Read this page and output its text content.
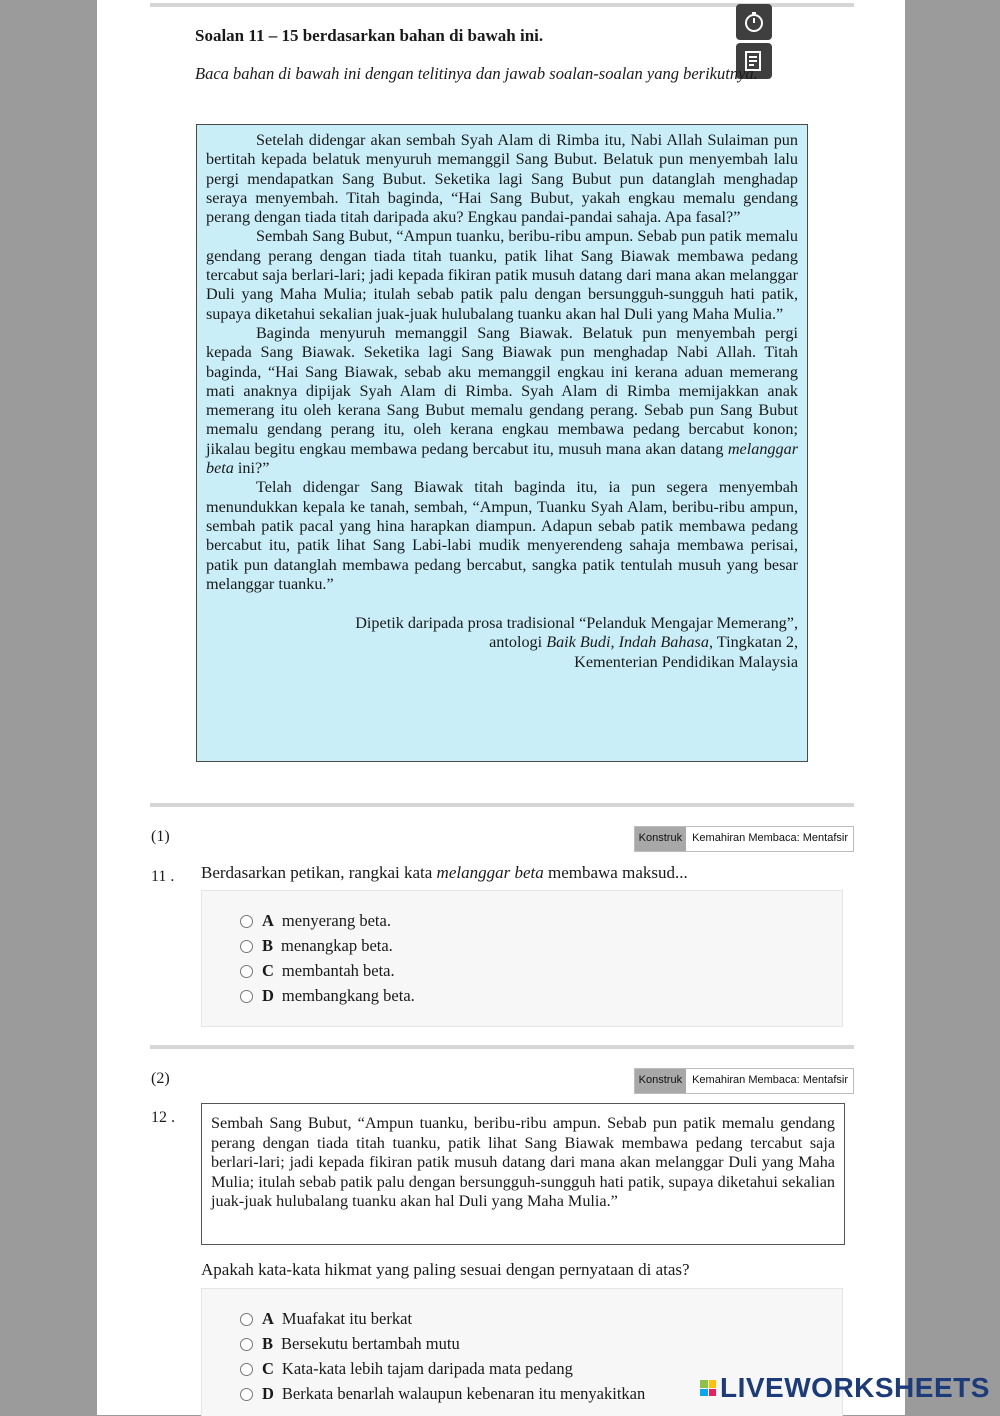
Soalan 11 – 15 berdasarkan bahan di bawah ini.
Baca bahan di bawah ini dengan telitinya dan jawab soalan-soalan yang berikutnya.

Setelah didengar akan sembah Syah Alam di Rimba itu, Nabi Allah Sulaiman pun bertitah kepada belatuk menyuruh memanggil Sang Bubut. Belatuk pun menyembah lalu pergi mendapatkan Sang Bubut. Seketika lagi Sang Bubut pun datanglah menghadap seraya menyembah. Titah baginda, “Hai Sang Bubut, yakah engkau memalu gendang perang dengan tiada titah daripada aku? Engkau pandai-pandai sahaja. Apa fasal?”

Sembah Sang Bubut, “Ampun tuanku, beribu-ribu ampun. Sebab pun patik memalu gendang perang dengan tiada titah tuanku, patik lihat Sang Biawak membawa pedang tercabut saja berlari-lari; jadi kepada fikiran patik musuh datang dari mana akan melanggar Duli yang Maha Mulia; itulah sebab patik palu dengan bersungguh-sungguh hati patik, supaya diketahui sekalian juak-juak hulubalang tuanku akan hal Duli yang Maha Mulia.”

Baginda menyuruh memanggil Sang Biawak. Belatuk pun menyembah pergi kepada Sang Biawak. Seketika lagi Sang Biawak pun menghadap Nabi Allah. Titah baginda, “Hai Sang Biawak, sebab aku memanggil engkau ini kerana aduan memerang mati anaknya dipijak Syah Alam di Rimba. Syah Alam di Rimba memijakkan anak memerang itu oleh kerana Sang Bubut memalu gendang perang. Sebab pun Sang Bubut memalu gendang perang itu, oleh kerana engkau membawa pedang bercabut konon; jikalau begitu engkau membawa pedang bercabut itu, musuh mana akan datang melanggar beta ini?”

Telah didengar Sang Biawak titah baginda itu, ia pun segera menyembah menundukkan kepala ke tanah, sembah, “Ampun, Tuanku Syah Alam, beribu-ribu ampun, sembah patik pacal yang hina harapkan diampun. Adapun sebab patik membawa pedang bercabut itu, patik lihat Sang Labi-labi mudik menyerendeng sahaja membawa perisai, patik pun datanglah membawa pedang bercabut, sangka patik tentulah musuh yang besar melanggar tuanku.”

Dipetik daripada prosa tradisional “Pelanduk Mengajar Memerang”,
antologi Baik Budi, Indah Bahasa, Tingkatan 2,
Kementerian Pendidikan Malaysia
(1)	Konstruk Kemahiran Membaca: Mentafsir
11 . Berdasarkan petikan, rangkai kata melanggar beta membawa maksud...
A menyerang beta.
B menangkap beta.
C membantah beta.
D membangkang beta.
(2)	Konstruk Kemahiran Membaca: Mentafsir
12 .	Sembah Sang Bubut, “Ampun tuanku, beribu-ribu ampun. Sebab pun patik memalu gendang perang dengan tiada titah tuanku, patik lihat Sang Biawak membawa pedang tercabut saja berlari-lari; jadi kepada fikiran patik musuh datang dari mana akan melanggar Duli yang Maha Mulia; itulah sebab patik palu dengan bersungguh-sungguh hati patik, supaya diketahui sekalian juak-juak hulubalang tuanku akan hal Duli yang Maha Mulia.”
Apakah kata-kata hikmat yang paling sesuai dengan pernyataan di atas?
A Muafakat itu berkat
B Bersekutu bertambah mutu
C Kata-kata lebih tajam daripada mata pedang
D Berkata benarlah walaupun kebenaran itu menyakitkan	LIVEWORKSHEETS
